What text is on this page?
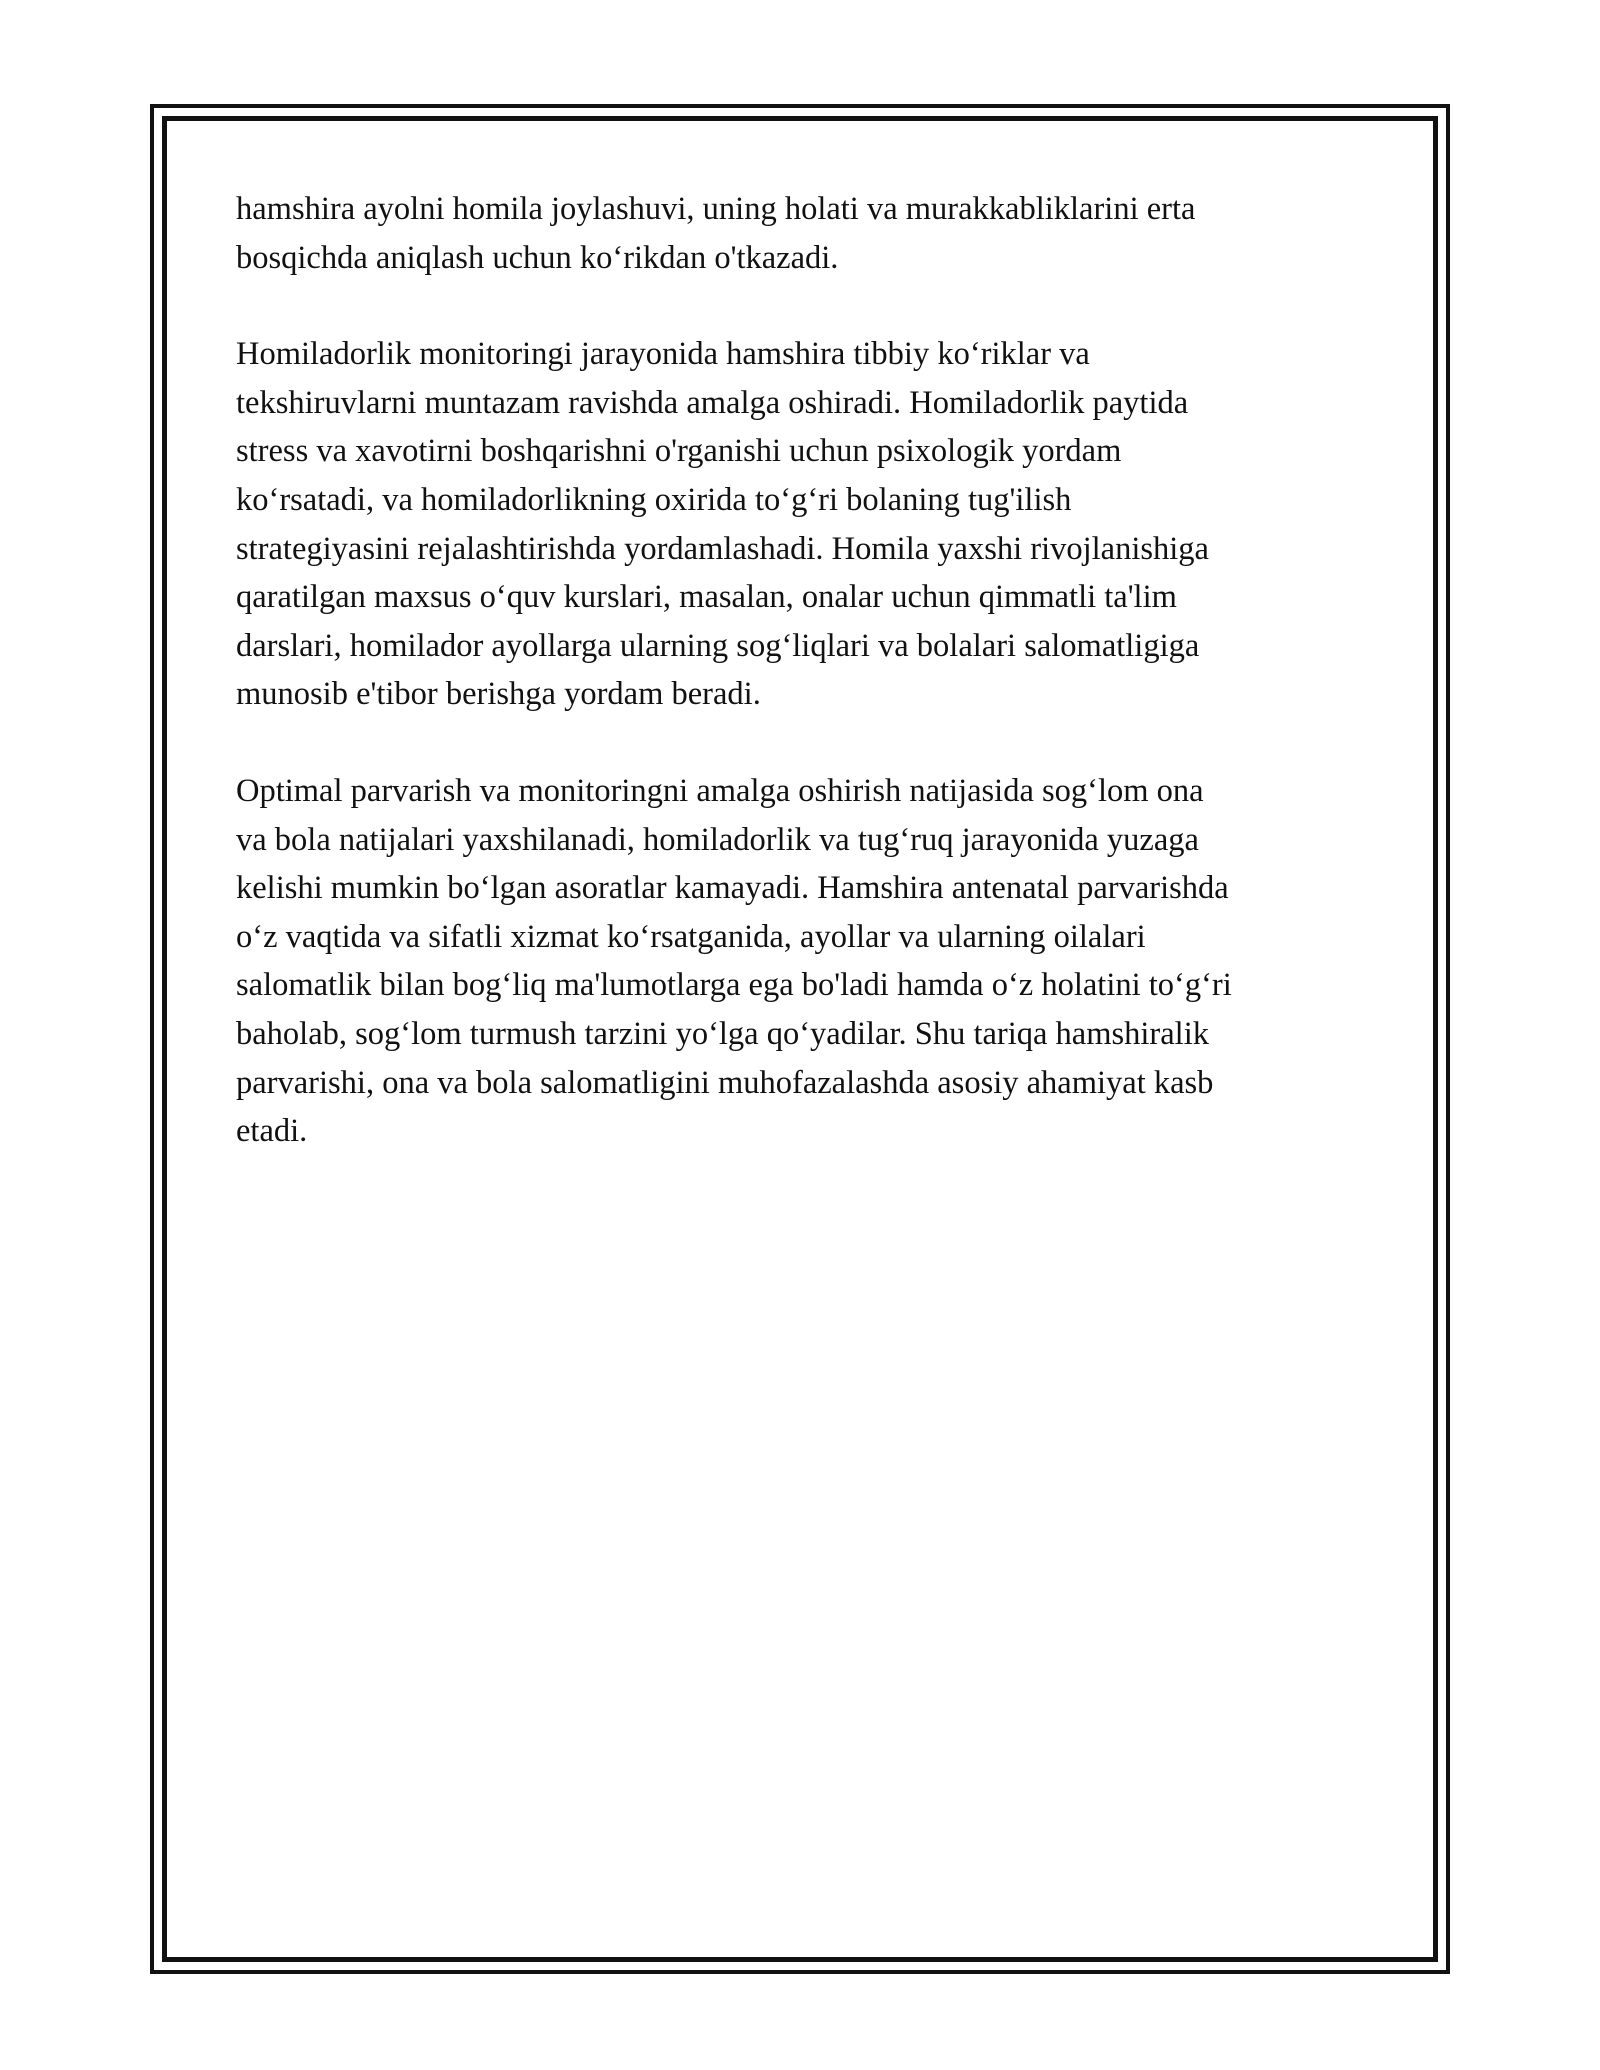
hamshira ayolni homila joylashuvi, uning holati va murakkabliklarini erta
bosqichda aniqlash uchun ko‘rikdan o'tkazadi.

Homiladorlik monitoringi jarayonida hamshira tibbiy ko‘riklar va
tekshiruvlarni muntazam ravishda amalga oshiradi. Homiladorlik paytida
stress va xavotirni boshqarishni o'rganishi uchun psixologik yordam
ko‘rsatadi, va homiladorlikning oxirida to‘g‘ri bolaning tug'ilish
strategiyasini rejalashtirishda yordamlashadi. Homila yaxshi rivojlanishiga
qaratilgan maxsus o‘quv kurslari, masalan, onalar uchun qimmatli ta'lim
darslari, homilador ayollarga ularning sog‘liqlari va bolalari salomatligiga
munosib e'tibor berishga yordam beradi.

Optimal parvarish va monitoringni amalga oshirish natijasida sog‘lom ona
va bola natijalari yaxshilanadi, homiladorlik va tug‘ruq jarayonida yuzaga
kelishi mumkin bo‘lgan asoratlar kamayadi. Hamshira antenatal parvarishda
o‘z vaqtida va sifatli xizmat ko‘rsatganida, ayollar va ularning oilalari
salomatlik bilan bog‘liq ma'lumotlarga ega bo'ladi hamda o‘z holatini to‘g‘ri
baholab, sog‘lom turmush tarzini yo‘lga qo‘yadilar. Shu tariqa hamshiralik
parvarishi, ona va bola salomatligini muhofazalashda asosiy ahamiyat kasb
etadi.
